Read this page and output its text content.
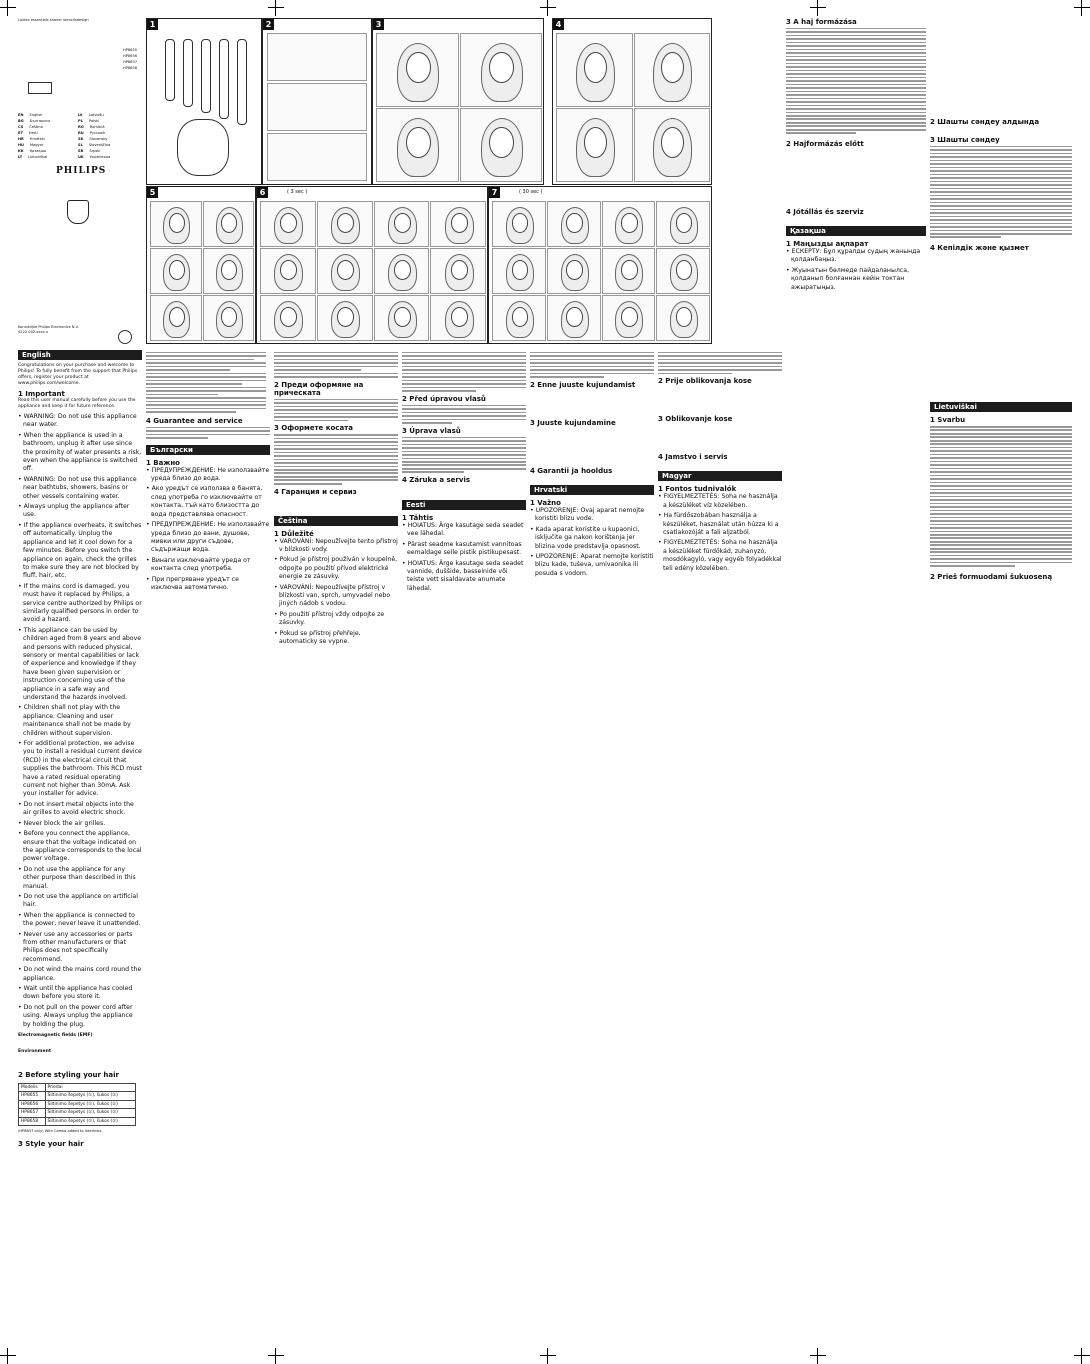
Ladies essentials shaver stencilsdesign
HP8655
HP8656
HP8657
HP8658
EN English
BG Български
CS Čeština
ET Eesti
HR Hrvatski
HU Magyar
KK Қазақша
LT Lietuviškai
LV Latviešu
PL Polski
RO Română
RU Русский
SK Slovensky
SL Slovenščina
SR Srpski
UK Українська
PHILIPS
Koninklijke Philips Electronics N.V.
4222.002.xxxx.x
1	2	3	4
5	6	( 3 sec )	7	( 30 sec )
English
Congratulations on your purchase and welcome to Philips! To fully benefit from the support that Philips offers, register your product at www.philips.com/welcome.
1 Important
Read this user manual carefully before you use the appliance and keep it for future reference.
• WARNING: Do not use this appliance near water.
• When the appliance is used in a bathroom, unplug it after use since the proximity of water presents a risk, even when the appliance is switched off.
• WARNING: Do not use this appliance near bathtubs, showers, basins or other vessels containing water.
• Always unplug the appliance after use.
• If the appliance overheats, it switches off automatically. Unplug the appliance and let it cool down for a few minutes. Before you switch the appliance on again, check the grilles to make sure they are not blocked by fluff, hair, etc.
• If the mains cord is damaged, you must have it replaced by Philips, a service centre authorized by Philips or similarly qualified persons in order to avoid a hazard.
• This appliance can be used by children aged from 8 years and above and persons with reduced physical, sensory or mental capabilities or lack of experience and knowledge if they have been given supervision or instruction concerning use of the appliance in a safe way and understand the hazards involved.
• Children shall not play with the appliance. Cleaning and user maintenance shall not be made by children without supervision.
• For additional protection, we advise you to install a residual current device (RCD) in the electrical circuit that supplies the bathroom. This RCD must have a rated residual operating current not higher than 30mA. Ask your installer for advice.
• Do not insert metal objects into the air grilles to avoid electric shock.
• Never block the air grilles.
• Before you connect the appliance, ensure that the voltage indicated on the appliance corresponds to the local power voltage.
• Do not use the appliance for any other purpose than described in this manual.
• Do not use the appliance on artificial hair.
• When the appliance is connected to the power, never leave it unattended.
• Never use any accessories or parts from other manufacturers or that Philips does not specifically recommend.
• Do not wind the mains cord round the appliance.
• Wait until the appliance has cooled down before you store it.
• Do not pull on the power cord after using. Always unplug the appliance by holding the plug.
Electromagnetic fields (EMF)
Environment
2 Before styling your hair
Modelis	Priedai
HP8655	Šiltinimo šepetys (①), šukos (②)
HP8656	Šiltinimo šepetys (①), šukos (②)
HP8657	Šiltinimo šepetys (①), šukos (②)
HP8658	Šiltinimo šepetys (①), šukos (②)
(HP8657 only) With Combs added to Interlinks.
3 Style your hair
4 Guarantee and service
Български
1 Важно
• ПРЕДУПРЕЖДЕНИЕ: Не използвайте уреда близо до вода.
• Ако уредът се използва в банята, след употреба го изключвайте от контакта, тъй като близостта до вода представлява опасност.
• ПРЕДУПРЕЖДЕНИЕ: Не използвайте уреда близо до вани, душове, мивки или други съдове, съдържащи вода.
• Винаги изключвайте уреда от контакта след употреба.
• При прегряване уредът се изключва автоматично.
2 Преди оформяне на прическата
3 Оформете косата
4 Гаранция и сервиз
Čeština
1 Důležité
• VAROVÁNÍ: Nepoužívejte tento přístroj v blízkosti vody.
• Pokud je přístroj používán v koupelně, odpojte po použití přívod elektrické energie ze zásuvky.
• VAROVÁNÍ: Nepoužívejte přístroj v blízkosti van, sprch, umyvadel nebo jiných nádob s vodou.
• Po použití přístroj vždy odpojte ze zásuvky.
• Pokud se přístroj přehřeje, automaticky se vypne.
2 Před úpravou vlasů
3 Úprava vlasů
4 Záruka a servis
Eesti
1 Tähtis
• HOIATUS: Ärge kasutage seda seadet vee lähedal.
• Pärast seadme kasutamist vannitoas eemaldage selle pistik pistikupesast.
• HOIATUS: Ärge kasutage seda seadet vannide, duššide, basseinide või teiste vett sisaldavate anumate lähedal.
2 Enne juuste kujundamist
3 Juuste kujundamine
4 Garantii ja hooldus
Hrvatski
1 Važno
• UPOZORENJE: Ovaj aparat nemojte koristiti blizu vode.
• Kada aparat koristite u kupaonici, isključite ga nakon korištenja jer blizina vode predstavlja opasnost.
• UPOZORENJE: Aparat nemojte koristiti blizu kade, tuševa, umivaonika ili posuda s vodom.
2 Prije oblikovanja kose
3 Oblikovanje kose
4 Jamstvo i servis
Magyar
1 Fontos tudnivalók
• FIGYELMEZTETÉS: Soha ne használja a készüléket víz közelében.
• Ha fürdőszobában használja a készüléket, használat után húzza ki a csatlakozóját a fali aljzatból.
• FIGYELMEZTETÉS: Soha ne használja a készüléket fürdőkád, zuhanyzó, mosdókagyló, vagy egyéb folyadékkal teli edény közelében.
3 A haj formázása
2 Hajformázás előtt
4 Jótállás és szerviz
Қазақша
1 Маңызды ақпарат
• ЕСКЕРТУ: Бұл құралды судың жанында қолданбаңыз.
• Жуынатын бөлмеде пайдаланылса, қолданып болғаннан кейін токтан ажыратыңыз.
2 Шашты сәндеу алдында
3 Шашты сәндеу
4 Кепілдік және қызмет
Lietuviškai
1 Svarbu
2 Prieš formuodami šukuoseną
